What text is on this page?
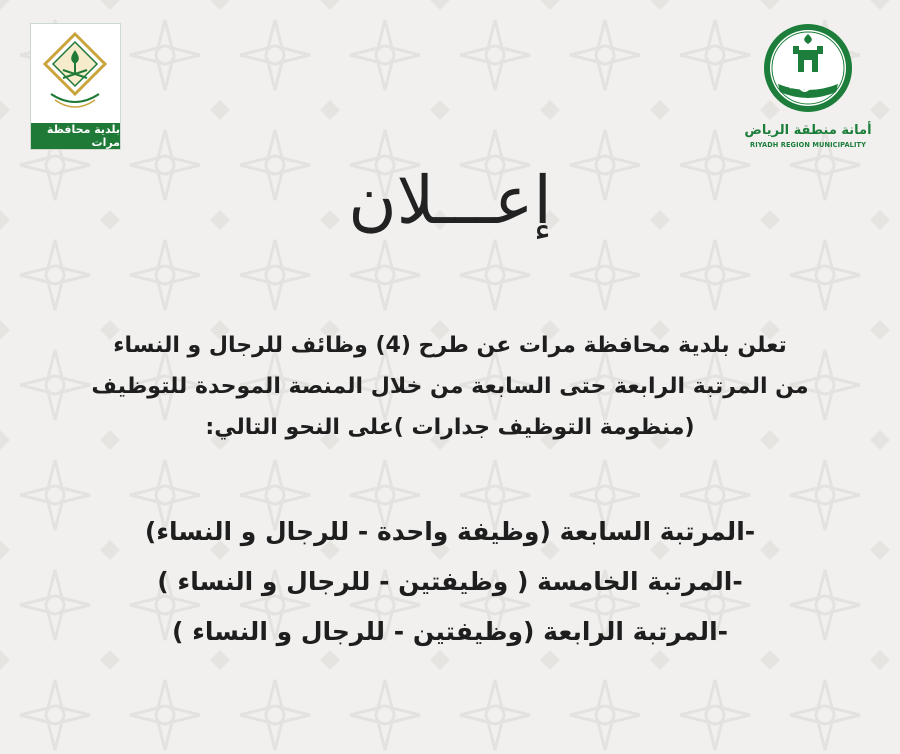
بلدية محافظة مرات
أمانة منطقة الرياض
RIYADH REGION MUNICIPALITY
إعـــلان
تعلن بلدية محافظة مرات عن طرح (4) وظائف للرجال و النساء
من المرتبة الرابعة حتى السابعة من خلال المنصة الموحدة للتوظيف
(منظومة التوظيف جدارات )على النحو التالي:
-المرتبة السابعة (وظيفة واحدة - للرجال و النساء)
-المرتبة الخامسة ( وظيفتين - للرجال و النساء )
-المرتبة الرابعة (وظيفتين - للرجال و النساء )
